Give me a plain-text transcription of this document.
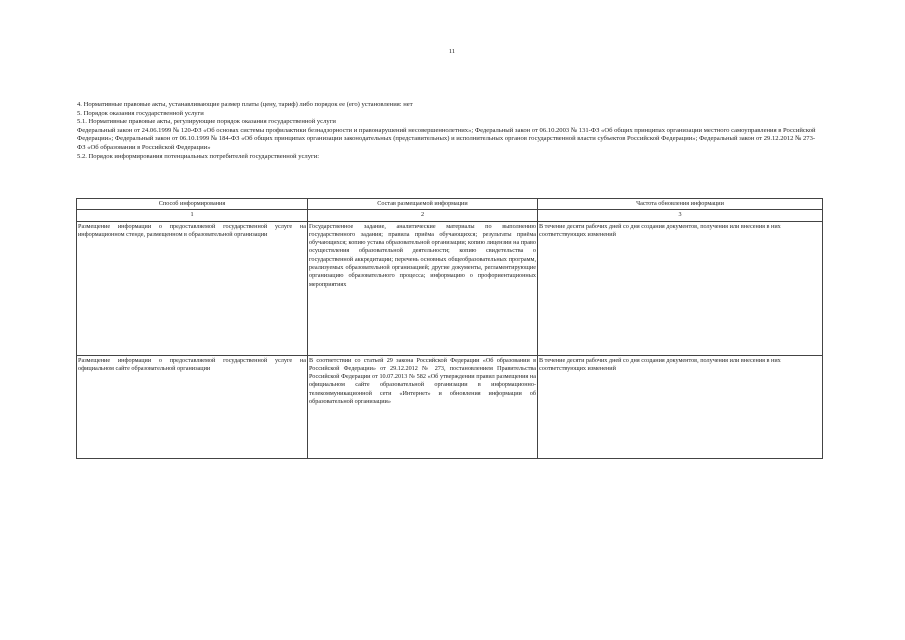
11
4. Нормативные правовые акты, устанавливающие размер платы (цену, тариф) либо порядок ее (его) установления: нет
5. Порядок оказания государственной услуги
5.1. Нормативные правовые акты, регулирующие порядок оказания государственной услуги
Федеральный закон от 24.06.1999 № 120-ФЗ «Об основах системы профилактики безнадзорности и правонарушений несовершеннолетних»; Федеральный закон от 06.10.2003 № 131-ФЗ «Об общих принципах организации местного самоуправления в Российской Федерации»; Федеральный закон от 06.10.1999 № 184-ФЗ «Об общих принципах организации законодательных (представительных) и исполнительных органов государственной власти субъектов Российской Федерации»; Федеральный закон от 29.12.2012 № 273-ФЗ «Об образовании в Российской Федерации»
5.2. Порядок информирования потенциальных потребителей государственной услуги:
Способ информирования	Состав размещаемой информации	Частота обновления информации
1	2	3
Размещение информации о предоставляемой государственной услуге на информационном стенде, размещенном в образовательной организации	Государственное задание, аналитические материалы по выполнению государственного задания; правила приёма обучающихся; результаты приёма обучающихся; копию устава образовательной организации; копию лицензии на право осуществления образовательной деятельности; копию свидетельства о государственной аккредитации; перечень основных общеобразовательных программ, реализуемых образовательной организацией; другие документы, регламентирующие организацию образовательного процесса; информацию о профориентационных мероприятиях	В течение десяти рабочих дней со дня создания документов, получения или внесения в них соответствующих изменений
Размещение информации о предоставляемой государственной услуге на официальном сайте образовательной организации	В соответствии со статьей 29 закона Российской Федерации «Об образовании в Российской Федерации» от 29.12.2012 № 273, постановлением Правительства Российской Федерации от 10.07.2013 № 582 «Об утверждении правил размещения на официальном сайте образовательной организации в информационно-телекоммуникационной сети «Интернет» и обновления информации об образовательной организации»	В течение десяти рабочих дней со дня создания документов, получения или внесения в них соответствующих изменений
